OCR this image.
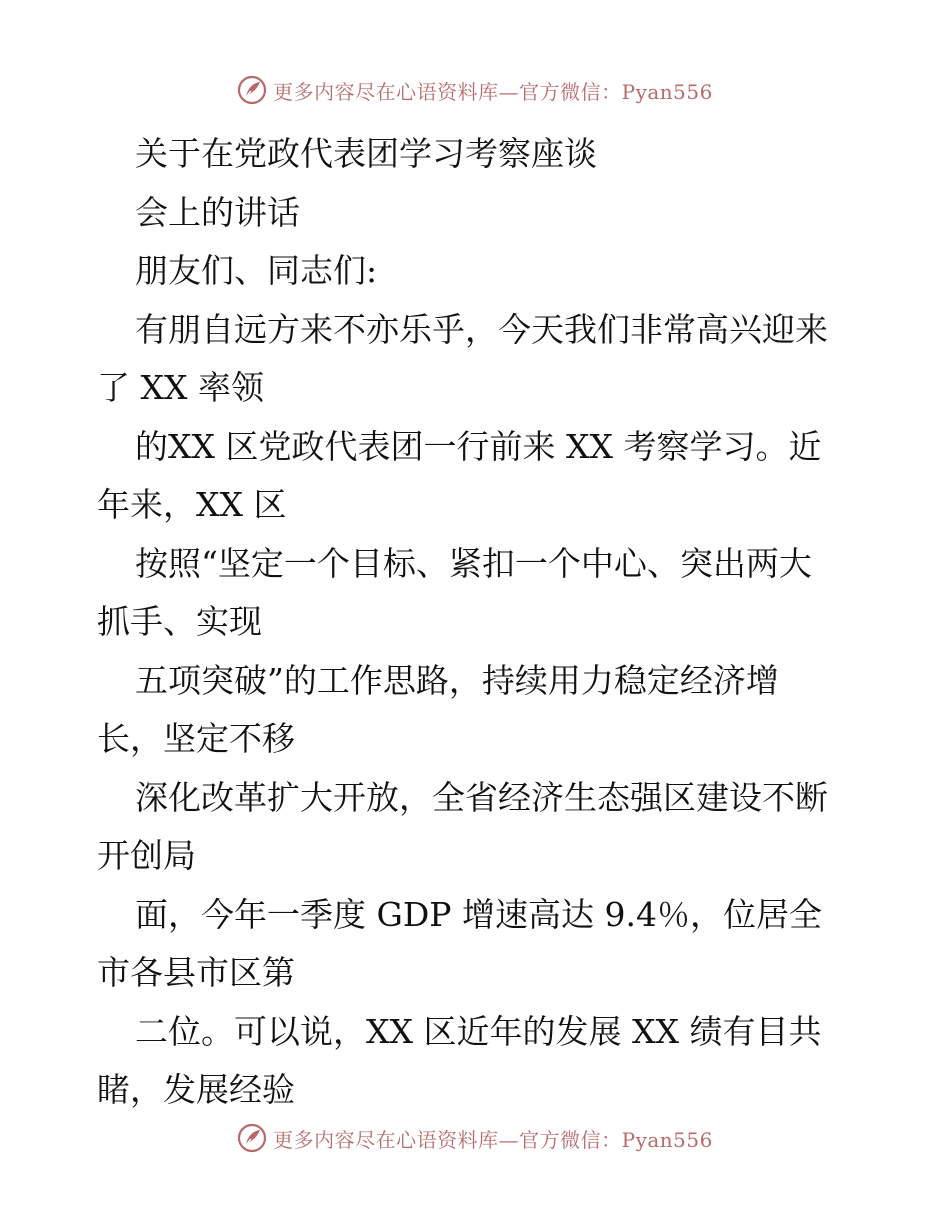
更多内容尽在心语资料库—官方微信：Pyan556
关于在党政代表团学习考察座谈
会上的讲话
朋友们、同志们:
有朋自远方来不亦乐乎，今天我们非常高兴迎来
了 XX 率领
的XX 区党政代表团一行前来 XX 考察学习。近
年来，XX 区
按照“坚定一个目标、紧扣一个中心、突出两大
抓手、实现
五项突破”的工作思路，持续用力稳定经济增
长，坚定不移
深化改革扩大开放，全省经济生态强区建设不断
开创局
面，今年一季度 GDP 增速高达 9.4％，位居全
市各县市区第
二位。可以说，XX 区近年的发展 XX 绩有目共
睹，发展经验
更多内容尽在心语资料库—官方微信：Pyan556
